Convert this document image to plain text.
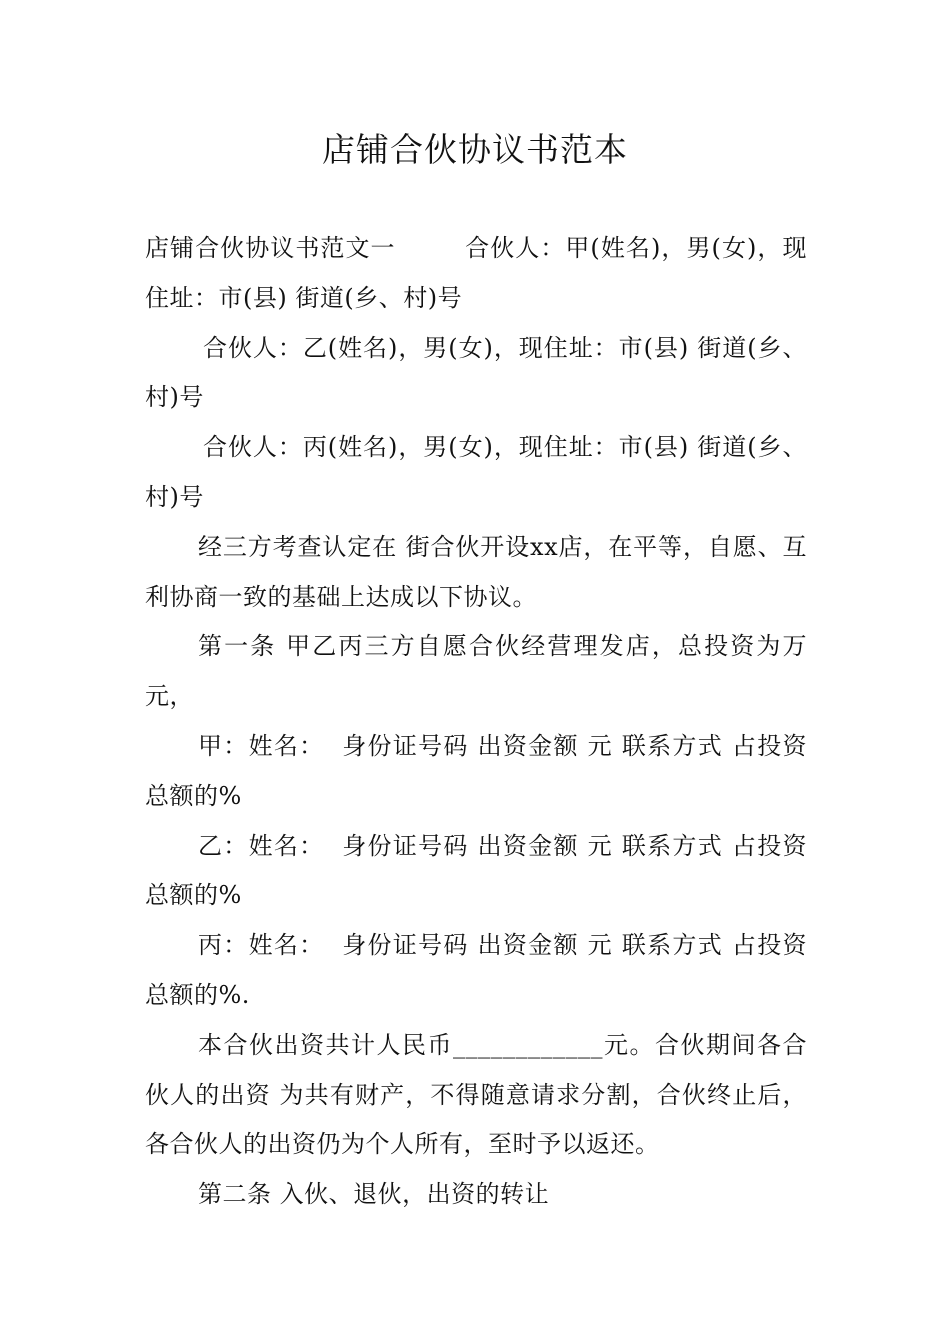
店铺合伙协议书范本

店铺合伙协议书范文一        合伙人：甲(姓名)，男(女)，现住址：市(县) 街道(乡、村)号

合伙人：乙(姓名)，男(女)，现住址：市(县) 街道(乡、村)号

合伙人：丙(姓名)，男(女)，现住址：市(县) 街道(乡、村)号

经三方考查认定在 街合伙开设xx店，在平等，自愿、互利协商一致的基础上达成以下协议。

第一条 甲乙丙三方自愿合伙经营理发店，总投资为万元，

甲：姓名：  身份证号码 出资金额 元 联系方式 占投资总额的%

乙：姓名：  身份证号码 出资金额 元 联系方式 占投资总额的%

丙：姓名：  身份证号码 出资金额 元 联系方式 占投资总额的%.

本合伙出资共计人民币____________元。合伙期间各合伙人的出资 为共有财产，不得随意请求分割，合伙终止后，各合伙人的出资仍为个人所有，至时予以返还。

第二条 入伙、退伙，出资的转让
